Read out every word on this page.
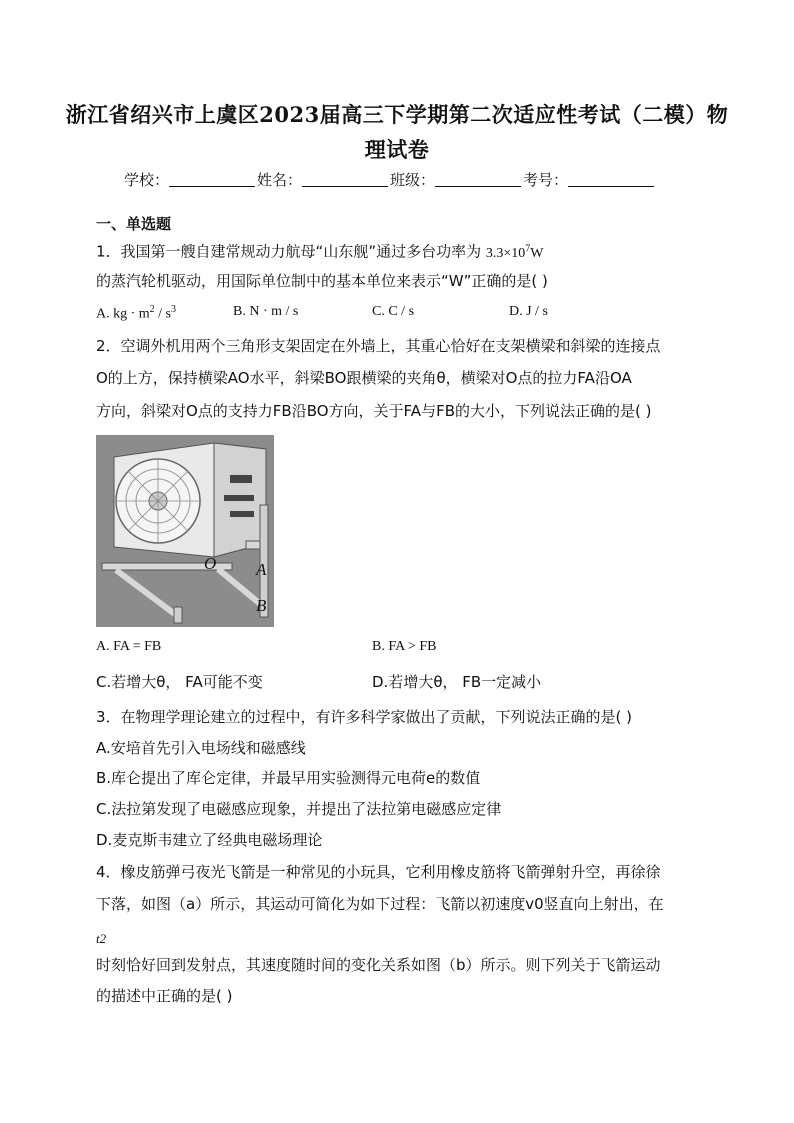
浙江省绍兴市上虞区2023届高三下学期第二次适应性考试（二模）物
理试卷
学校：	姓名：	班级：	考号：
一、单选题
1．我国第一艘自建常规动力航母“山东舰”通过多台功率为 $3.3\times 10^7W$
的蒸汽轮机驱动，用国际单位制中的基本单位来表示“W”正确的是( )
A. kg · $m^2 / s^3$	B. N · m / s	C. C / s	D. J / s
2．空调外机用两个三角形支架固定在外墙上，其重心恰好在支架横梁和斜梁的连接点
O的上方，保持横梁AO水平，斜梁BO跟横梁的夹角θ，横梁对O点的拉力FA沿OA
方向，斜梁对O点的支持力FB沿BO方向，关于FA与FB的大小，下列说法正确的是( )
O A
B
A. FA = FB	B. FA > FB
C.若增大θ， FA可能不变	D.若增大θ， FB一定减小
3．在物理学理论建立的过程中，有许多科学家做出了贡献，下列说法正确的是( )
A.安培首先引入电场线和磁感线
B.库仑提出了库仑定律，并最早用实验测得元电荷e的数值
C.法拉第发现了电磁感应现象，并提出了法拉第电磁感应定律
D.麦克斯韦建立了经典电磁场理论
4．橡皮筋弹弓夜光飞箭是一种常见的小玩具，它利用橡皮筋将飞箭弹射升空，再徐徐
下落，如图（a）所示，其运动可简化为如下过程：飞箭以初速度v0竖直向上射出，在
t2
时刻恰好回到发射点，其速度随时间的变化关系如图（b）所示。则下列关于飞箭运动
的描述中正确的是( )
